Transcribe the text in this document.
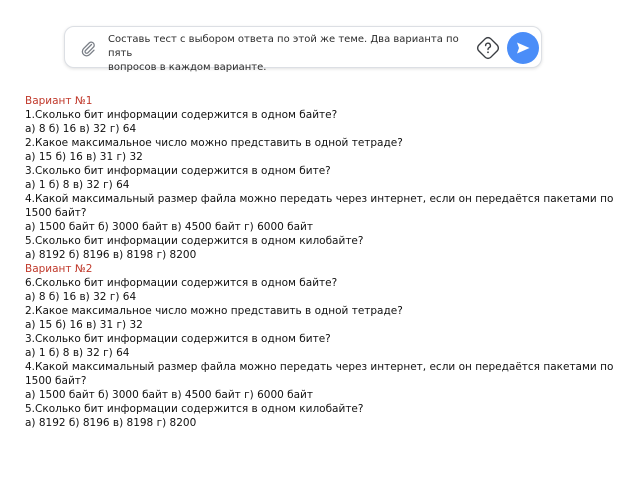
Составь тест с выбором ответа по этой же теме. Два варианта по пять
вопросов в каждом варианте.
Вариант №1
1.Сколько бит информации содержится в одном байте?
а) 8 б) 16 в) 32 г) 64
2.Какое максимальное число можно представить в одной тетраде?
а) 15 б) 16 в) 31 г) 32
3.Сколько бит информации содержится в одном бите?
а) 1 б) 8 в) 32 г) 64
4.Какой максимальный размер файла можно передать через интернет, если он передаётся пакетами по
1500 байт?
а) 1500 байт б) 3000 байт в) 4500 байт г) 6000 байт
5.Сколько бит информации содержится в одном килобайте?
а) 8192 б) 8196 в) 8198 г) 8200
Вариант №2
6.Сколько бит информации содержится в одном байте?
а) 8 б) 16 в) 32 г) 64
2.Какое максимальное число можно представить в одной тетраде?
а) 15 б) 16 в) 31 г) 32
3.Сколько бит информации содержится в одном бите?
а) 1 б) 8 в) 32 г) 64
4.Какой максимальный размер файла можно передать через интернет, если он передаётся пакетами по
1500 байт?
а) 1500 байт б) 3000 байт в) 4500 байт г) 6000 байт
5.Сколько бит информации содержится в одном килобайте?
а) 8192 б) 8196 в) 8198 г) 8200
